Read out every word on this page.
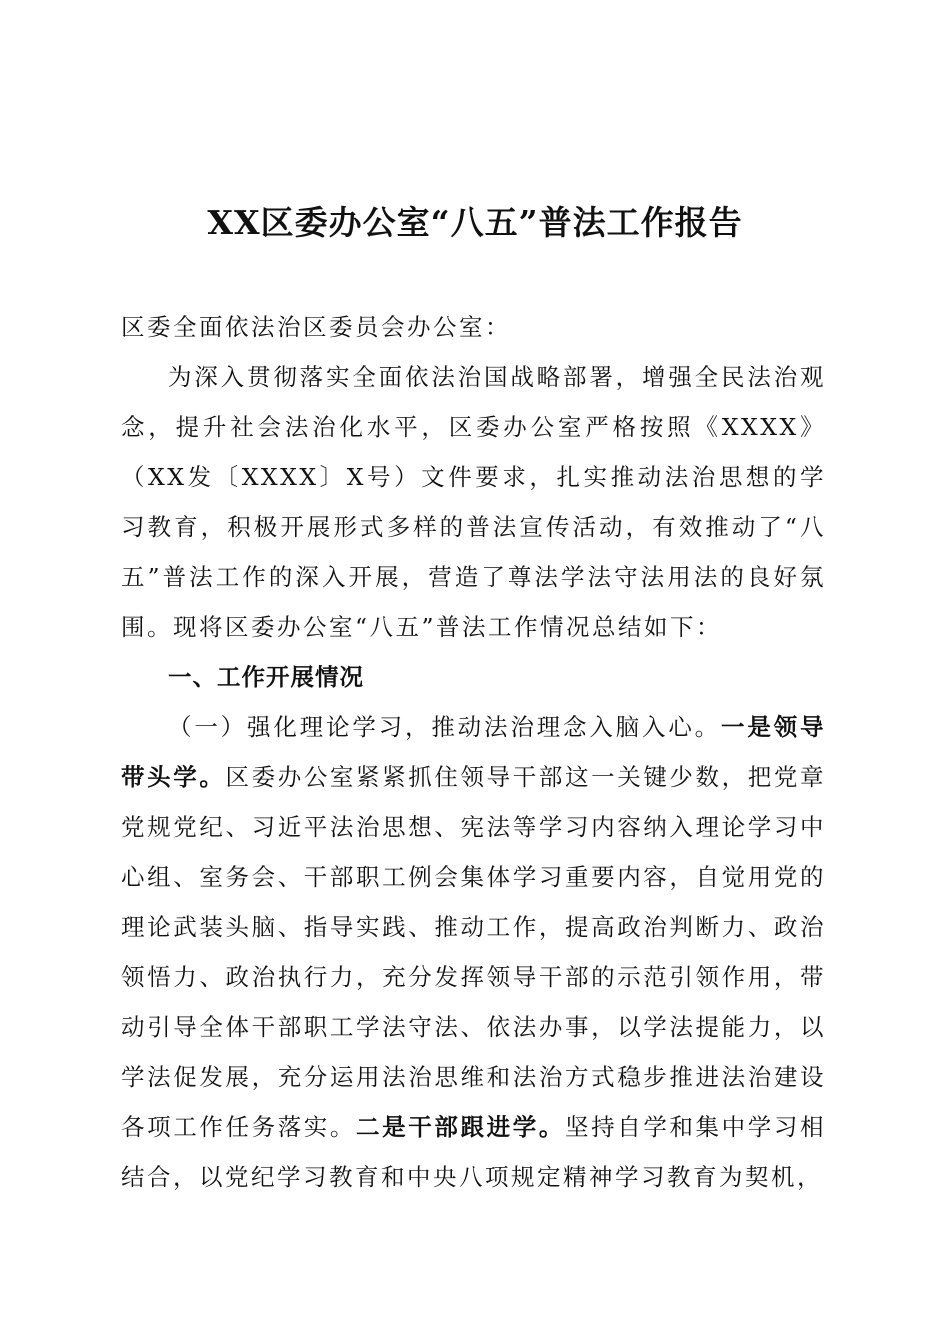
XX区委办公室“八五”普法工作报告

区委全面依法治区委员会办公室：

为深入贯彻落实全面依法治国战略部署，增强全民法治观念，提升社会法治化水平，区委办公室严格按照《XXXX》（XX发〔XXXX〕X号）文件要求，扎实推动法治思想的学习教育，积极开展形式多样的普法宣传活动，有效推动了“八五”普法工作的深入开展，营造了尊法学法守法用法的良好氛围。现将区委办公室“八五”普法工作情况总结如下：

一、工作开展情况

（一）强化理论学习，推动法治理念入脑入心。一是领导带头学。区委办公室紧紧抓住领导干部这一关键少数，把党章党规党纪、习近平法治思想、宪法等学习内容纳入理论学习中心组、室务会、干部职工例会集体学习重要内容，自觉用党的理论武装头脑、指导实践、推动工作，提高政治判断力、政治领悟力、政治执行力，充分发挥领导干部的示范引领作用，带动引导全体干部职工学法守法、依法办事，以学法提能力，以学法促发展，充分运用法治思维和法治方式稳步推进法治建设各项工作任务落实。二是干部跟进学。坚持自学和集中学习相结合，以党纪学习教育和中央八项规定精神学习教育为契机，
